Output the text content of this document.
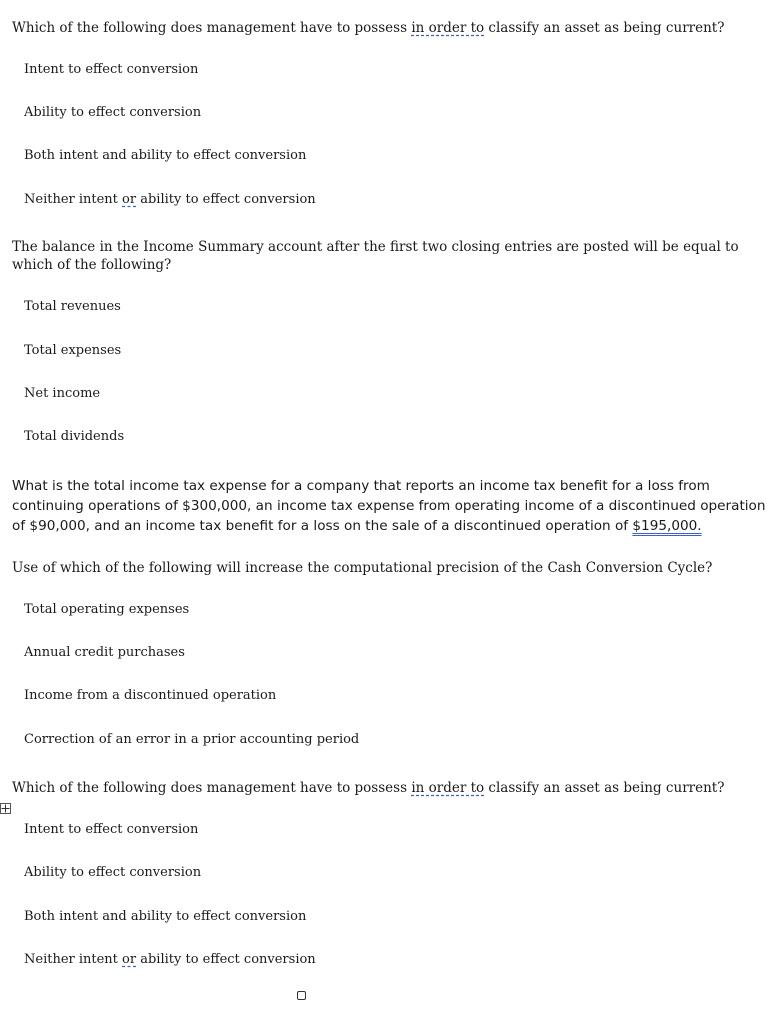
Which of the following does management have to possess in order to classify an asset as being current?
Intent to effect conversion
Ability to effect conversion
Both intent and ability to effect conversion
Neither intent or ability to effect conversion
The balance in the Income Summary account after the first two closing entries are posted will be equal to which of the following?
Total revenues
Total expenses
Net income
Total dividends
What is the total income tax expense for a company that reports an income tax benefit for a loss from continuing operations of $300,000, an income tax expense from operating income of a discontinued operation of $90,000, and an income tax benefit for a loss on the sale of a discontinued operation of $195,000.
Use of which of the following will increase the computational precision of the Cash Conversion Cycle?
Total operating expenses
Annual credit purchases
Income from a discontinued operation
Correction of an error in a prior accounting period
Which of the following does management have to possess in order to classify an asset as being current?
Intent to effect conversion
Ability to effect conversion
Both intent and ability to effect conversion
Neither intent or ability to effect conversion
